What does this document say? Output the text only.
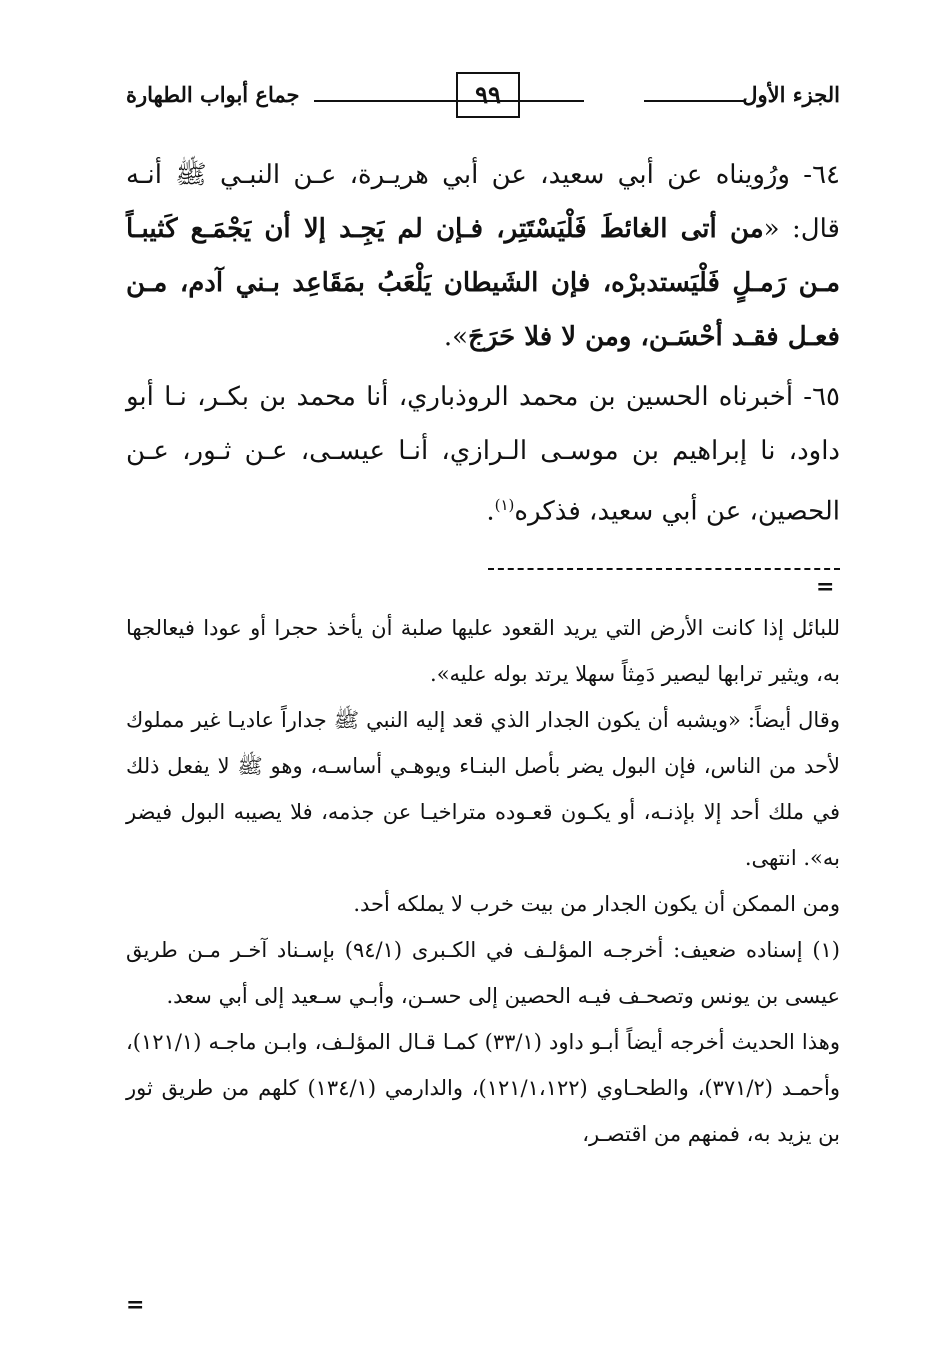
الجزء الأول
٩٩
جماع أبواب الطهارة

٦٤- ورُويناه عن أبي سعيد، عن أبي هريـرة، عـن النبـي ﷺ أنـه قال: «من أتى الغائطَ فَلْيَسْتَتِر، فـإن لم يَجِـد إلا أن يَجْمَـع كَثيبـاً مـن رَمـلٍ فَلْيَستدبرْه، فإن الشَيطان يَلْعَبُ بمَقَاعِد بـني آدم، مـن فعـل فقـد أحْسَـن، ومن لا فلا حَرَجَ».

٦٥- أخبرناه الحسين بن محمد الروذباري، أنا محمد بن بكـر، نـا أبو داود، نا إبراهيم بن موسـى الـرازي، أنـا عيسـى، عـن ثـور، عـن الحصين، عن أبي سعيد، فذكره$^{(١)}$.

=

للبائل إذا كانت الأرض التي يريد القعود عليها صلبة أن يأخذ حجرا أو عودا فيعالجها به، ويثير ترابها ليصير دَمِثاً سهلا يرتد بوله عليه».

وقال أيضاً: «ويشبه أن يكون الجدار الذي قعد إليه النبي ﷺ جداراً عاديـا غير مملوك لأحد من الناس، فإن البول يضر بأصل البنـاء ويوهـي أساسـه، وهو ﷺ لا يفعل ذلك في ملك أحد إلا بإذنـه، أو يكـون قعـوده متراخيـا عن جذمه، فلا يصيبه البول فيضر به». انتهى.

ومن الممكن أن يكون الجدار من بيت خرب لا يملكه أحد.

(١) إسناده ضعيف: أخرجـه المؤلـف في الكـبرى (٩٤/١) بإسـناد آخـر مـن طريق عيسى بن يونس وتصحـف فيـه الحصين إلى حسـن، وأبـي سـعيد إلى أبي سعد.

وهذا الحديث أخرجه أيضاً أبـو داود (٣٣/١) كمـا قـال المؤلـف، وابـن ماجـه (١٢١/١)، وأحمـد (٣٧١/٢)، والطحـاوي (١٢١/١،١٢٢)، والدارمي (١٣٤/١) كلهم من طريق ثور بن يزيد به، فمنهم من اقتصـر،

=
